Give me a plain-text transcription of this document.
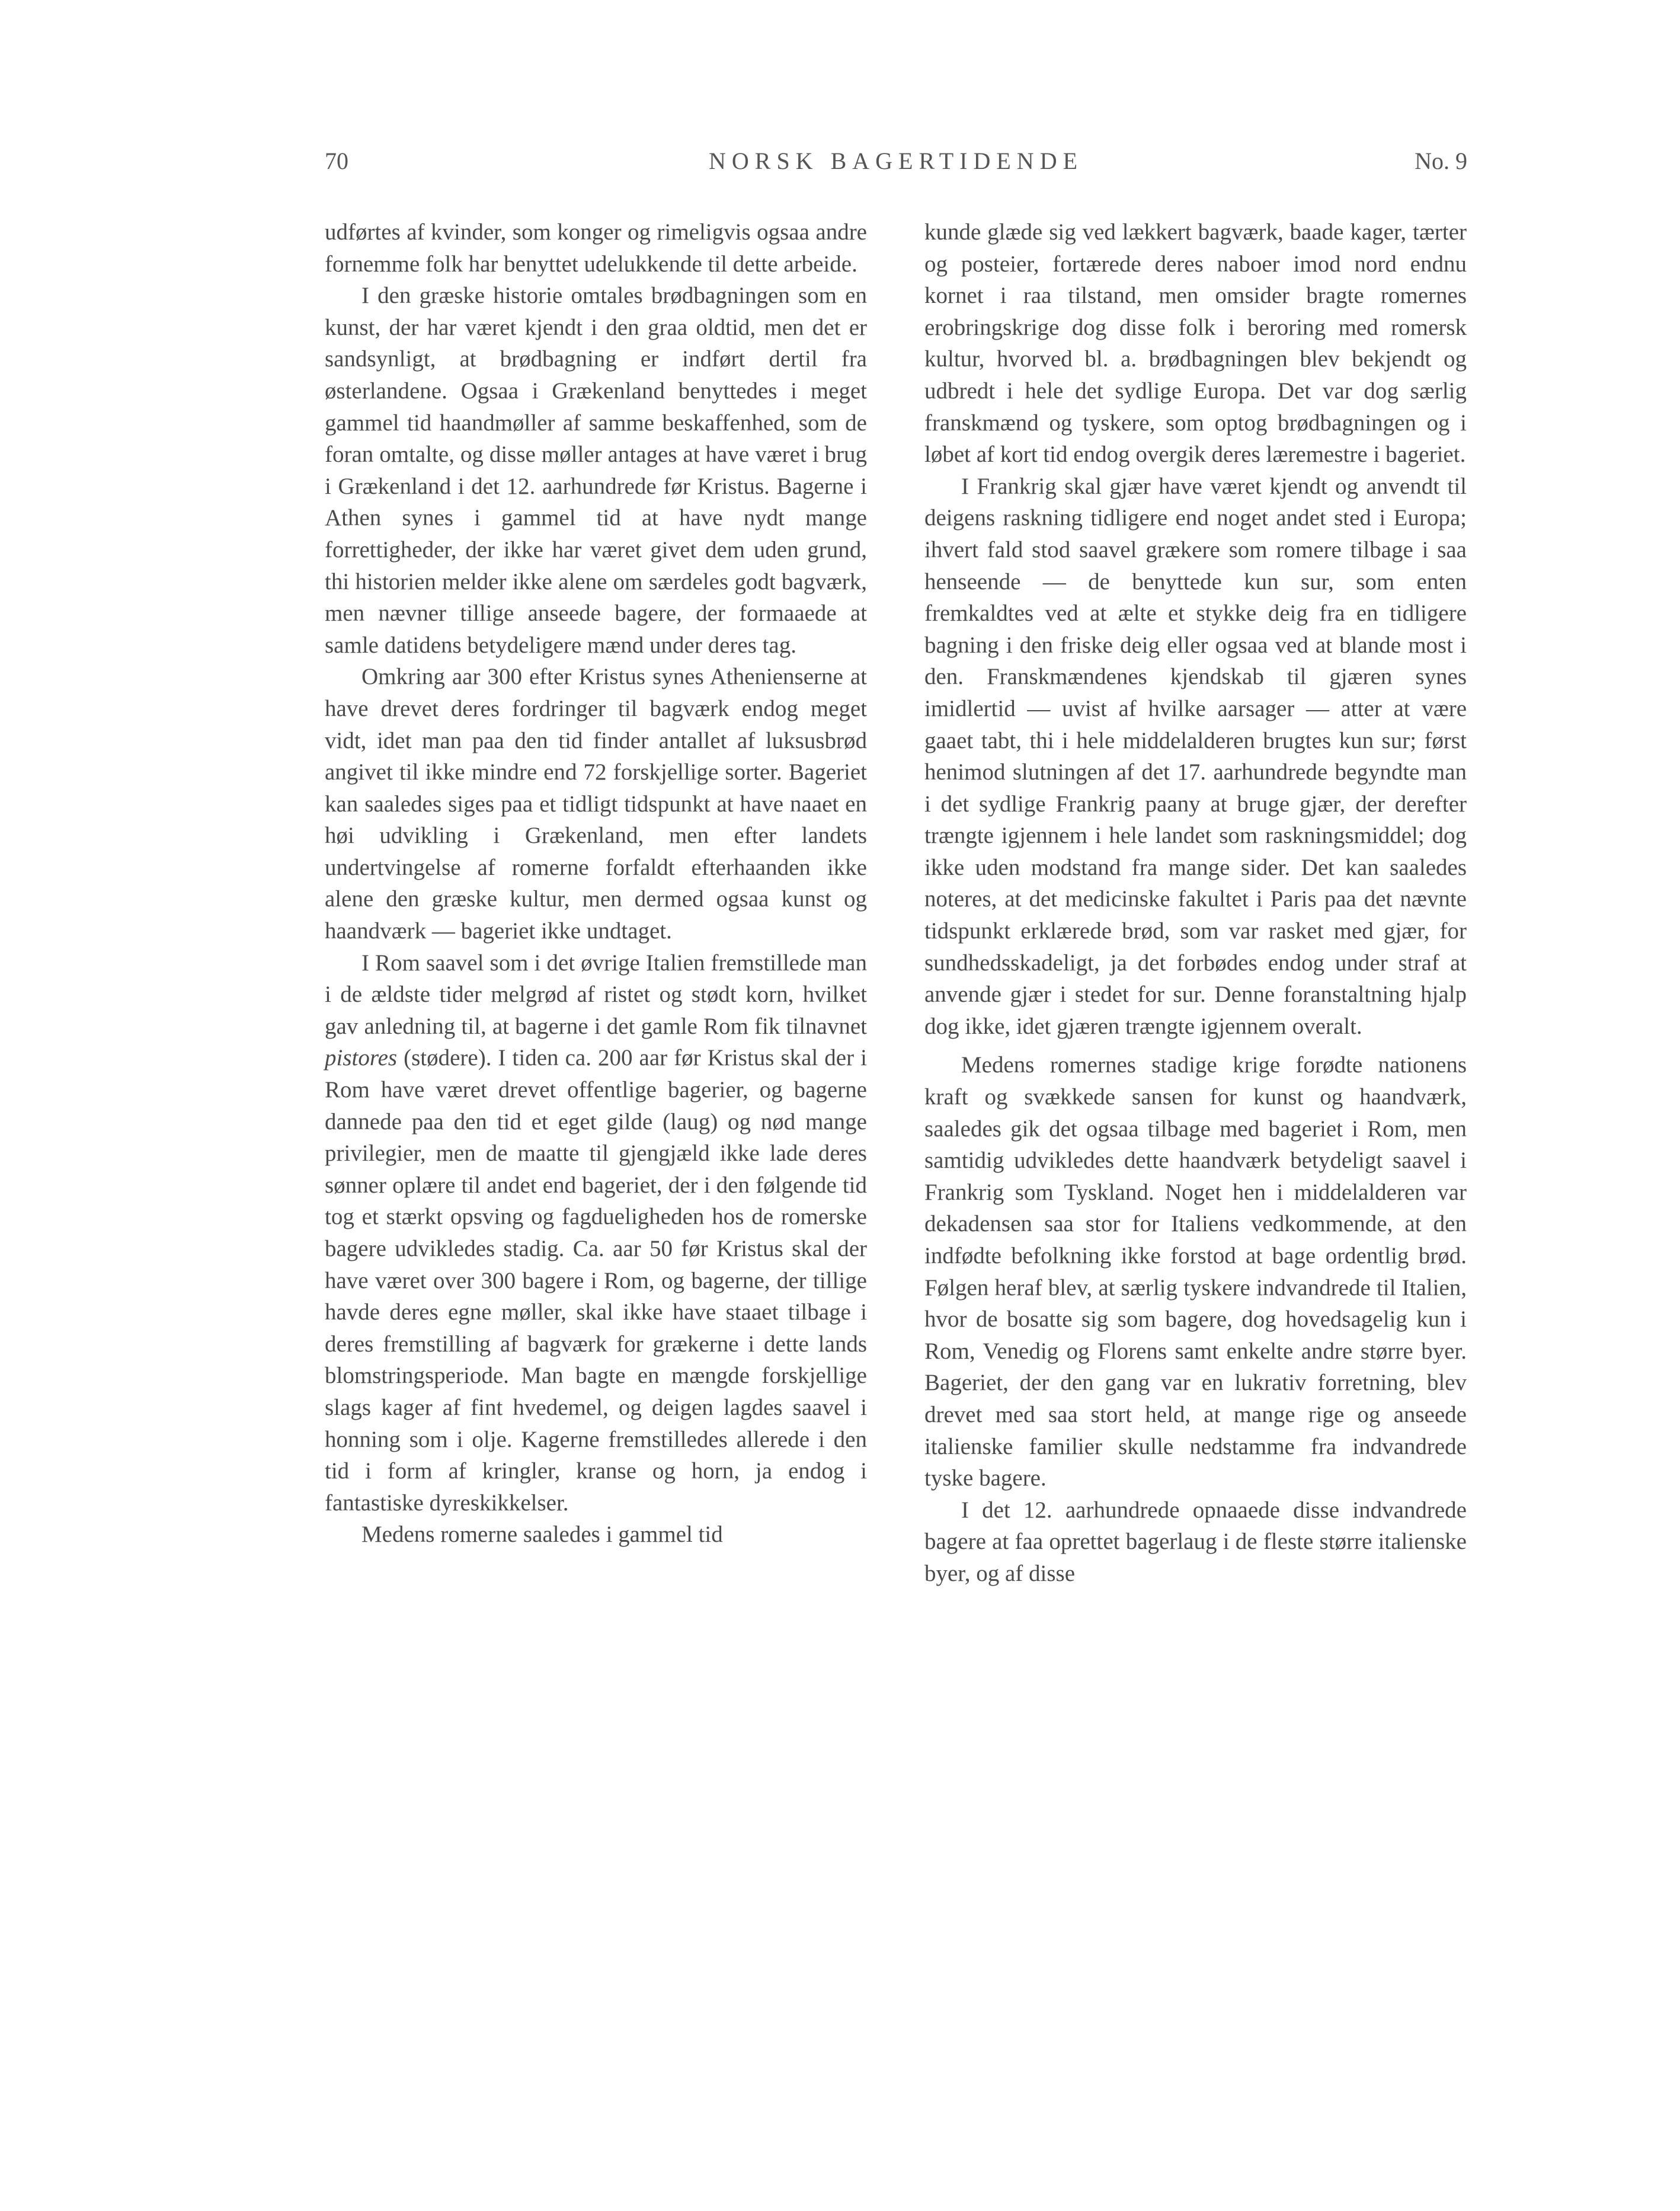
70	NORSK BAGERTIDENDE	No. 9

udførtes af kvinder, som konger og rimeligvis ogsaa andre fornemme folk har benyttet udelukkende til dette arbeide.

I den græske historie omtales brødbagningen som en kunst, der har været kjendt i den graa oldtid, men det er sandsynligt, at brødbagning er indført dertil fra østerlandene. Ogsaa i Grækenland benyttedes i meget gammel tid haandmøller af samme beskaffenhed, som de foran omtalte, og disse møller antages at have været i brug i Grækenland i det 12. aarhundrede før Kristus. Bagerne i Athen synes i gammel tid at have nydt mange forrettigheder, der ikke har været givet dem uden grund, thi historien melder ikke alene om særdeles godt bagværk, men nævner tillige anseede bagere, der formaaede at samle datidens betydeligere mænd under deres tag.

Omkring aar 300 efter Kristus synes Athenienserne at have drevet deres fordringer til bagværk endog meget vidt, idet man paa den tid finder antallet af luksusbrød angivet til ikke mindre end 72 forskjellige sorter. Bageriet kan saaledes siges paa et tidligt tidspunkt at have naaet en høi udvikling i Grækenland, men efter landets undertvingelse af romerne forfaldt efterhaanden ikke alene den græske kultur, men dermed ogsaa kunst og haandværk — bageriet ikke undtaget.

I Rom saavel som i det øvrige Italien fremstillede man i de ældste tider melgrød af ristet og stødt korn, hvilket gav anledning til, at bagerne i det gamle Rom fik tilnavnet pistores (stødere). I tiden ca. 200 aar før Kristus skal der i Rom have været drevet offentlige bagerier, og bagerne dannede paa den tid et eget gilde (laug) og nød mange privilegier, men de maatte til gjengjæld ikke lade deres sønner oplære til andet end bageriet, der i den følgende tid tog et stærkt opsving og fagdueligheden hos de romerske bagere udvikledes stadig. Ca. aar 50 før Kristus skal der have været over 300 bagere i Rom, og bagerne, der tillige havde deres egne møller, skal ikke have staaet tilbage i deres fremstilling af bagværk for grækerne i dette lands blomstringsperiode. Man bagte en mængde forskjellige slags kager af fint hvedemel, og deigen lagdes saavel i honning som i olje. Kagerne fremstilledes allerede i den tid i form af kringler, kranse og horn, ja endog i fantastiske dyreskikkelser.

Medens romerne saaledes i gammel tid

kunde glæde sig ved lækkert bagværk, baade kager, tærter og posteier, fortærede deres naboer imod nord endnu kornet i raa tilstand, men omsider bragte romernes erobringskrige dog disse folk i beroring med romersk kultur, hvorved bl. a. brødbagningen blev bekjendt og udbredt i hele det sydlige Europa. Det var dog særlig franskmænd og tyskere, som optog brødbagningen og i løbet af kort tid endog overgik deres læremestre i bageriet.

I Frankrig skal gjær have været kjendt og anvendt til deigens raskning tidligere end noget andet sted i Europa; ihvert fald stod saavel grækere som romere tilbage i saa henseende — de benyttede kun sur, som enten fremkaldtes ved at ælte et stykke deig fra en tidligere bagning i den friske deig eller ogsaa ved at blande most i den. Franskmændenes kjendskab til gjæren synes imidlertid — uvist af hvilke aarsager — atter at være gaaet tabt, thi i hele middelalderen brugtes kun sur; først henimod slutningen af det 17. aarhundrede begyndte man i det sydlige Frankrig paany at bruge gjær, der derefter trængte igjennem i hele landet som raskningsmiddel; dog ikke uden modstand fra mange sider. Det kan saaledes noteres, at det medicinske fakultet i Paris paa det nævnte tidspunkt erklærede brød, som var rasket med gjær, for sundhedsskadeligt, ja det forbødes endog under straf at anvende gjær i stedet for sur. Denne foranstaltning hjalp dog ikke, idet gjæren trængte igjennem overalt.

Medens romernes stadige krige forødte nationens kraft og svækkede sansen for kunst og haandværk, saaledes gik det ogsaa tilbage med bageriet i Rom, men samtidig udvikledes dette haandværk betydeligt saavel i Frankrig som Tyskland. Noget hen i middelalderen var dekadensen saa stor for Italiens vedkommende, at den indfødte befolkning ikke forstod at bage ordentlig brød. Følgen heraf blev, at særlig tyskere indvandrede til Italien, hvor de bosatte sig som bagere, dog hovedsagelig kun i Rom, Venedig og Florens samt enkelte andre større byer. Bageriet, der den gang var en lukrativ forretning, blev drevet med saa stort held, at mange rige og anseede italienske familier skulle nedstamme fra indvandrede tyske bagere.

I det 12. aarhundrede opnaaede disse indvandrede bagere at faa oprettet bagerlaug i de fleste større italienske byer, og af disse
